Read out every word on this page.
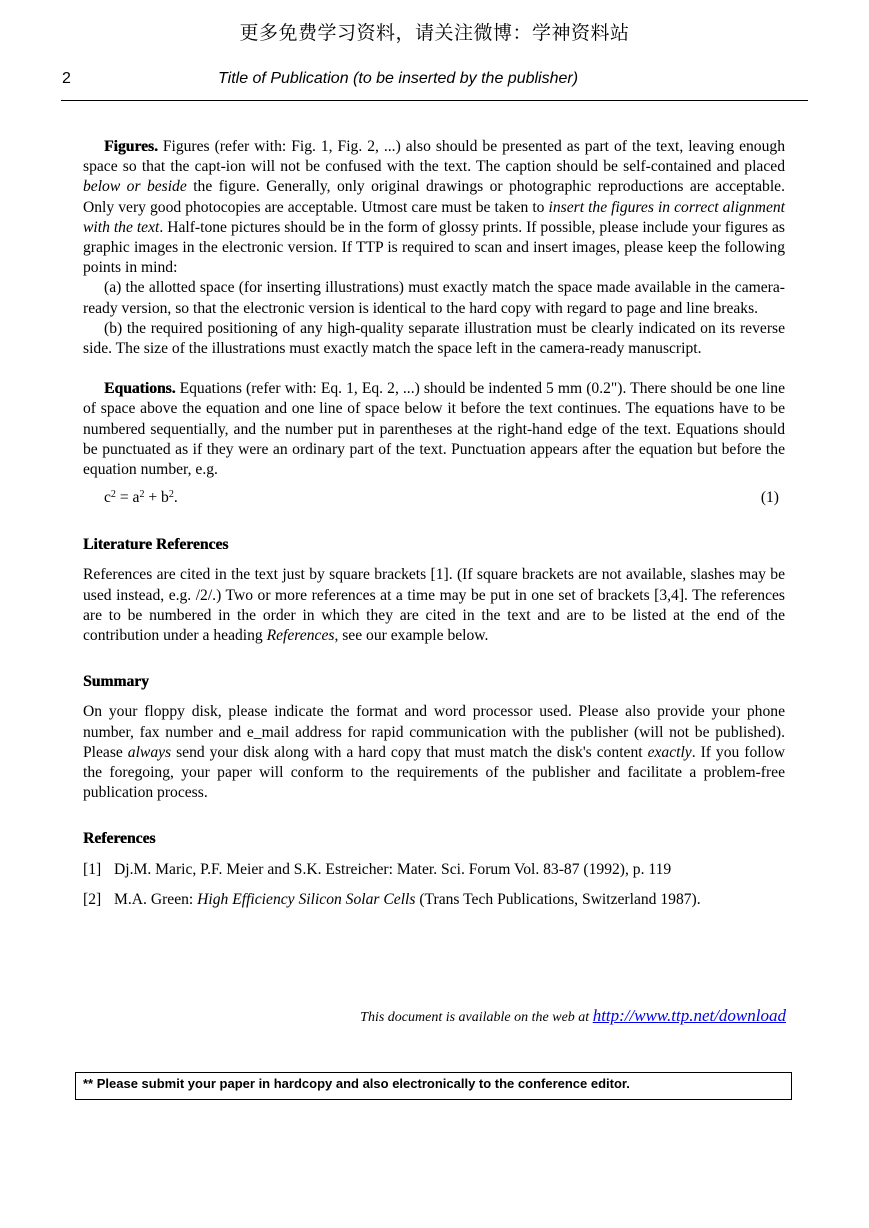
更多免费学习资料，请关注微博：学神资料站
2	Title of Publication (to be inserted by the publisher)

Figures. Figures (refer with: Fig. 1, Fig. 2, ...) also should be presented as part of the text, leaving enough space so that the capt-ion will not be confused with the text. The caption should be self-contained and placed below or beside the figure. Generally, only original drawings or photographic reproductions are acceptable. Only very good photocopies are acceptable. Utmost care must be taken to insert the figures in correct alignment with the text. Half-tone pictures should be in the form of glossy prints. If possible, please include your figures as graphic images in the electronic version. If TTP is required to scan and insert images, please keep the following points in mind:

(a) the allotted space (for inserting illustrations) must exactly match the space made available in the camera-ready version, so that the electronic version is identical to the hard copy with regard to page and line breaks.

(b) the required positioning of any high-quality separate illustration must be clearly indicated on its reverse side. The size of the illustrations must exactly match the space left in the camera-ready manuscript.

Equations. Equations (refer with: Eq. 1, Eq. 2, ...) should be indented 5 mm (0.2"). There should be one line of space above the equation and one line of space below it before the text continues. The equations have to be numbered sequentially, and the number put in parentheses at the right-hand edge of the text. Equations should be punctuated as if they were an ordinary part of the text. Punctuation appears after the equation but before the equation number, e.g.

$c^2 = a^2 + b^2$.	(1)

Literature References

References are cited in the text just by square brackets [1]. (If square brackets are not available, slashes may be used instead, e.g. /2/.) Two or more references at a time may be put in one set of brackets [3,4]. The references are to be numbered in the order in which they are cited in the text and are to be listed at the end of the contribution under a heading References, see our example below.

Summary

On your floppy disk, please indicate the format and word processor used. Please also provide your phone number, fax number and e_mail address for rapid communication with the publisher (will not be published). Please always send your disk along with a hard copy that must match the disk's content exactly. If you follow the foregoing, your paper will conform to the requirements of the publisher and facilitate a problem-free publication process.

References

[1] Dj.M. Maric, P.F. Meier and S.K. Estreicher: Mater. Sci. Forum Vol. 83-87 (1992), p. 119

[2] M.A. Green: High Efficiency Silicon Solar Cells (Trans Tech Publications, Switzerland 1987).

This document is available on the web at http://www.ttp.net/download
** Please submit your paper in hardcopy and also electronically to the conference editor.
